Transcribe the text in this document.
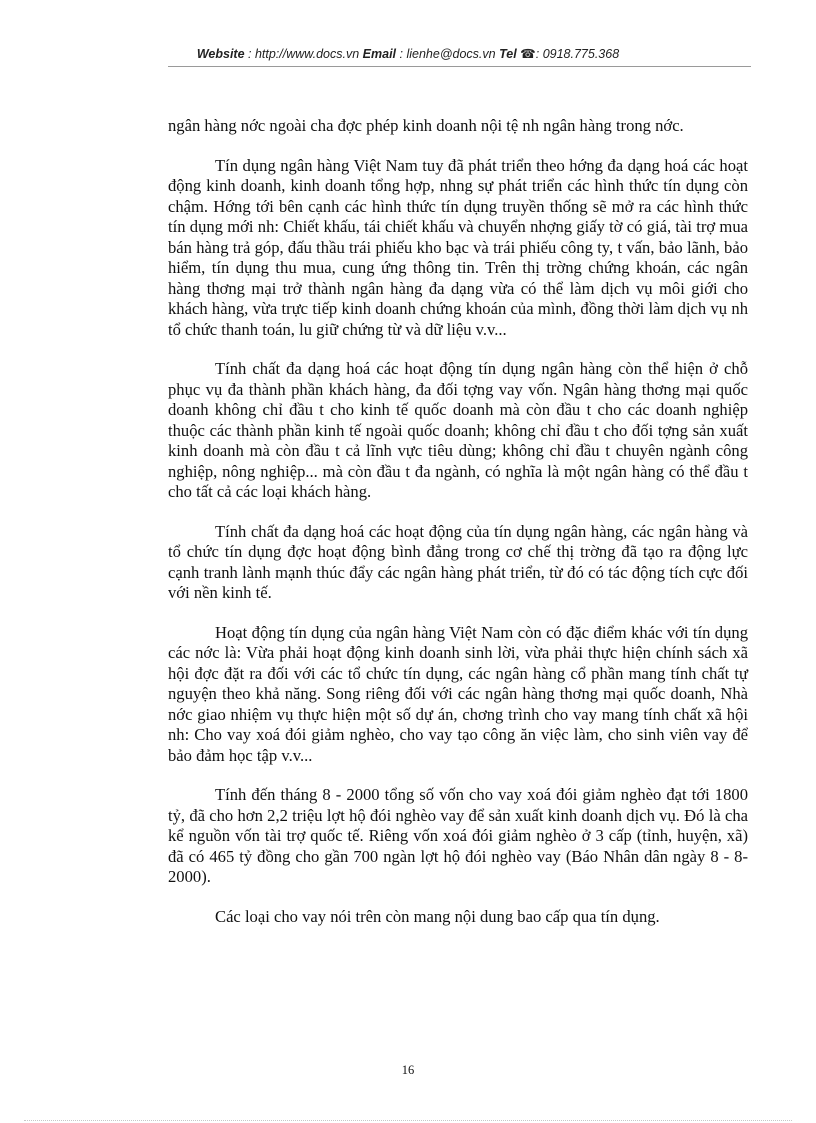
Website : http://www.docs.vn Email : lienhe@docs.vn Tel ☎: 0918.775.368

ngân hàng nớc ngoài cha đợc phép kinh doanh nội tệ nh ngân hàng trong nớc.

Tín dụng ngân hàng Việt Nam tuy đã phát triển theo hớng đa dạng hoá các hoạt động kinh doanh, kinh doanh tổng hợp, nhng sự phát triển các hình thức tín dụng còn chậm. Hớng tới bên cạnh các hình thức tín dụng truyền thống sẽ mở ra các hình thức tín dụng mới nh: Chiết khấu, tái chiết khấu và chuyển nhợng giấy tờ có giá, tài trợ mua bán hàng trả góp, đấu thầu trái phiếu kho bạc và trái phiếu công ty, t vấn, bảo lãnh, bảo hiểm, tín dụng thu mua, cung ứng thông tin. Trên thị trờng chứng khoán, các ngân hàng thơng mại trở thành ngân hàng đa dạng vừa có thể làm dịch vụ môi giới cho khách hàng, vừa trực tiếp kinh doanh chứng khoán của mình, đồng thời làm dịch vụ nh tổ chức thanh toán, lu giữ chứng từ và dữ liệu v.v...

Tính chất đa dạng hoá các hoạt động tín dụng ngân hàng còn thể hiện ở chỗ phục vụ đa thành phần khách hàng, đa đối tợng vay vốn. Ngân hàng thơng mại quốc doanh không chỉ đầu t cho kinh tế quốc doanh mà còn đầu t cho các doanh nghiệp thuộc các thành phần kinh tế ngoài quốc doanh; không chỉ đầu t cho đối tợng sản xuất kinh doanh mà còn đầu t cả lĩnh vực tiêu dùng; không chỉ đầu t chuyên ngành công nghiệp, nông nghiệp... mà còn đầu t đa ngành, có nghĩa là một ngân hàng có thể đầu t cho tất cả các loại khách hàng.

Tính chất đa dạng hoá các hoạt động của tín dụng ngân hàng, các ngân hàng và tổ chức tín dụng đợc hoạt động bình đẳng trong cơ chế thị trờng đã tạo ra động lực cạnh tranh lành mạnh thúc đẩy các ngân hàng phát triển, từ đó có tác động tích cực đối với nền kinh tế.

Hoạt động tín dụng của ngân hàng Việt Nam còn có đặc điểm khác với tín dụng các nớc là: Vừa phải hoạt động kinh doanh sinh lời, vừa phải thực hiện chính sách xã hội đợc đặt ra đối với các tổ chức tín dụng, các ngân hàng cổ phần mang tính chất tự nguyện theo khả năng. Song riêng đối với các ngân hàng thơng mại quốc doanh, Nhà nớc giao nhiệm vụ thực hiện một số dự án, chơng trình cho vay mang tính chất xã hội nh: Cho vay xoá đói giảm nghèo, cho vay tạo công ăn việc làm, cho sinh viên vay để bảo đảm học tập v.v...

Tính đến tháng 8 - 2000 tổng số vốn cho vay xoá đói giảm nghèo đạt tới 1800 tỷ, đã cho hơn 2,2 triệu lợt hộ đói nghèo vay để sản xuất kinh doanh dịch vụ. Đó là cha kể nguồn vốn tài trợ quốc tế. Riêng vốn xoá đói giảm nghèo ở 3 cấp (tỉnh, huyện, xã) đã có 465 tỷ đồng cho gần 700 ngàn lợt hộ đói nghèo vay (Báo Nhân dân ngày 8 - 8- 2000).

Các loại cho vay nói trên còn mang nội dung bao cấp qua tín dụng.

16
